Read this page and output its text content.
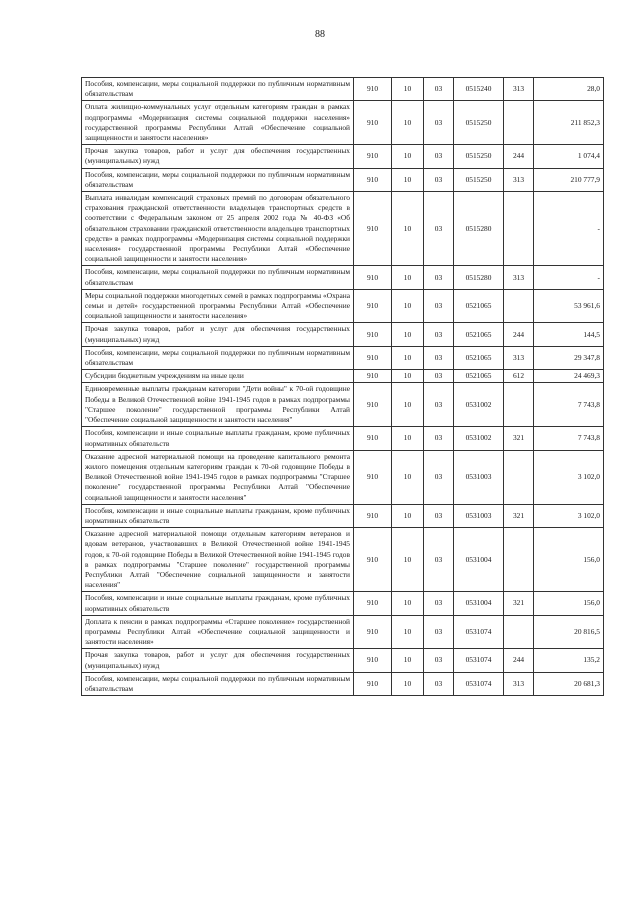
88
Пособия, компенсации, меры социальной поддержки по публичным нормативным обязательствам	910	10	03	0515240	313	28,0
Оплата жилищно-коммунальных услуг отдельным категориям граждан в рамках подпрограммы «Модернизация системы социальной поддержки населения» государственной программы Республики Алтай «Обеспечение социальной защищенности и занятости населения»	910	10	03	0515250		211 852,3
Прочая закупка товаров, работ и услуг для обеспечения государственных (муниципальных) нужд	910	10	03	0515250	244	1 074,4
Пособия, компенсации, меры социальной поддержки по публичным нормативным обязательствам	910	10	03	0515250	313	210 777,9
Выплата инвалидам компенсаций страховых премий по договорам обязательного страхования гражданской ответственности владельцев транспортных средств в соответствии с Федеральным законом от 25 апреля 2002 года № 40-ФЗ «Об обязательном страховании гражданской ответственности владельцев транспортных средств» в рамках подпрограммы «Модернизация системы социальной поддержки населения» государственной программы Республики Алтай «Обеспечение социальной защищенности и занятости населения»	910	10	03	0515280		-
Пособия, компенсации, меры социальной поддержки по публичным нормативным обязательствам	910	10	03	0515280	313	-
Меры социальной поддержки многодетных семей в рамках подпрограммы «Охрана семьи и детей» государственной программы Республики Алтай «Обеспечение социальной защищенности и занятости населения»	910	10	03	0521065		53 961,6
Прочая закупка товаров, работ и услуг для обеспечения государственных (муниципальных) нужд	910	10	03	0521065	244	144,5
Пособия, компенсации, меры социальной поддержки по публичным нормативным обязательствам	910	10	03	0521065	313	29 347,8
Субсидии бюджетным учреждениям на иные цели	910	10	03	0521065	612	24 469,3
Единовременные выплаты гражданам категории "Дети войны" к 70-ой годовщине Победы в Великой Отечественной войне 1941-1945 годов в рамках подпрограммы "Старшее поколение" государственной программы Республики Алтай "Обеспечение социальной защищенности и занятости населения"	910	10	03	0531002		7 743,8
Пособия, компенсации и иные социальные выплаты гражданам, кроме публичных нормативных обязательств	910	10	03	0531002	321	7 743,8
Оказание адресной материальной помощи на проведение капитального ремонта жилого помещения отдельным категориям граждан к 70-ой годовщине Победы в Великой Отечественной войне 1941-1945 годов в рамках подпрограммы "Старшее поколение" государственной программы Республики Алтай "Обеспечение социальной защищенности и занятости населения"	910	10	03	0531003		3 102,0
Пособия, компенсации и иные социальные выплаты гражданам, кроме публичных нормативных обязательств	910	10	03	0531003	321	3 102,0
Оказание адресной материальной помощи отдельным категориям ветеранов и вдовам ветеранов, участвовавших в Великой Отечественной войне 1941-1945 годов, к 70-ой годовщине Победы в Великой Отечественной войне 1941-1945 годов в рамках подпрограммы "Старшее поколение" государственной программы Республики Алтай "Обеспечение социальной защищенности и занятости населения"	910	10	03	0531004		156,0
Пособия, компенсации и иные социальные выплаты гражданам, кроме публичных нормативных обязательств	910	10	03	0531004	321	156,0
Доплата к пенсии в рамках подпрограммы «Старшее поколение» государственной программы Республики Алтай «Обеспечение социальной защищенности и занятости населения»	910	10	03	0531074		20 816,5
Прочая закупка товаров, работ и услуг для обеспечения государственных (муниципальных) нужд	910	10	03	0531074	244	135,2
Пособия, компенсации, меры социальной поддержки по публичным нормативным обязательствам	910	10	03	0531074	313	20 681,3
